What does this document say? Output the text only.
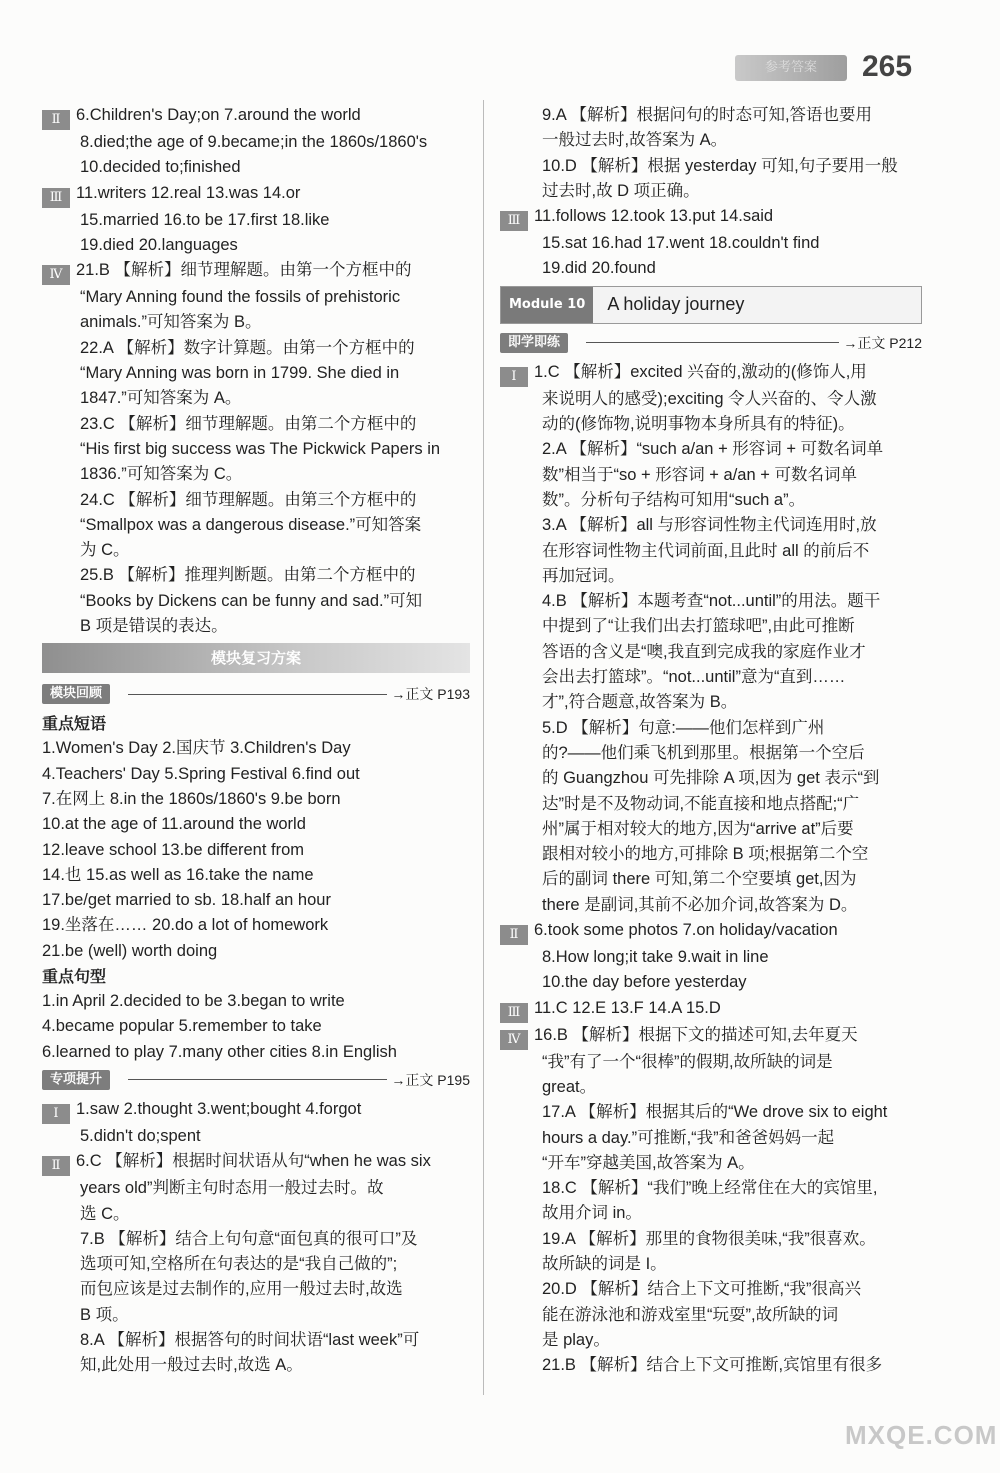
参考答案	265
Ⅱ 6.Children's Day;on 7.around the world
8.died;the age of 9.became;in the 1860s/1860's
10.decided to;finished
Ⅲ 11.writers 12.real 13.was 14.or
15.married 16.to be 17.first 18.like
19.died 20.languages
Ⅳ 21.B 【解析】细节理解题。由第一个方框中的
“Mary Anning found the fossils of prehistoric
animals.”可知答案为 B。
22.A 【解析】数字计算题。由第一个方框中的
“Mary Anning was born in 1799. She died in
1847.”可知答案为 A。
23.C 【解析】细节理解题。由第二个方框中的
“His first big success was The Pickwick Papers in
1836.”可知答案为 C。
24.C 【解析】细节理解题。由第三个方框中的
“Smallpox was a dangerous disease.”可知答案
为 C。
25.B 【解析】推理判断题。由第二个方框中的
“Books by Dickens can be funny and sad.”可知
B 项是错误的表达。
模块复习方案
模块回顾	→正文 P193
重点短语
1.Women's Day 2.国庆节 3.Children's Day
4.Teachers' Day 5.Spring Festival 6.find out
7.在网上 8.in the 1860s/1860's 9.be born
10.at the age of 11.around the world
12.leave school 13.be different from
14.也 15.as well as 16.take the name
17.be/get married to sb. 18.half an hour
19.坐落在…… 20.do a lot of homework
21.be (well) worth doing
重点句型
1.in April 2.decided to be 3.began to write
4.became popular 5.remember to take
6.learned to play 7.many other cities 8.in English
专项提升	→正文 P195
Ⅰ 1.saw 2.thought 3.went;bought 4.forgot
5.didn't do;spent
Ⅱ 6.C 【解析】根据时间状语从句“when he was six
years old”判断主句时态用一般过去时。故
选 C。
7.B 【解析】结合上句句意“面包真的很可口”及
选项可知,空格所在句表达的是“我自己做的”;
而包应该是过去制作的,应用一般过去时,故选
B 项。
8.A 【解析】根据答句的时间状语“last week”可
知,此处用一般过去时,故选 A。
9.A 【解析】根据问句的时态可知,答语也要用
一般过去时,故答案为 A。
10.D 【解析】根据 yesterday 可知,句子要用一般
过去时,故 D 项正确。
Ⅲ 11.follows 12.took 13.put 14.said
15.sat 16.had 17.went 18.couldn't find
19.did 20.found
Module 10	A holiday journey
即学即练	→正文 P212
Ⅰ 1.C 【解析】excited 兴奋的,激动的(修饰人,用
来说明人的感受);exciting 令人兴奋的、令人激
动的(修饰物,说明事物本身所具有的特征)。
2.A 【解析】“such a/an + 形容词 + 可数名词单
数”相当于“so + 形容词 + a/an + 可数名词单
数”。分析句子结构可知用“such a”。
3.A 【解析】all 与形容词性物主代词连用时,放
在形容词性物主代词前面,且此时 all 的前后不
再加冠词。
4.B 【解析】本题考查“not...until”的用法。题干
中提到了“让我们出去打篮球吧”,由此可推断
答语的含义是“噢,我直到完成我的家庭作业才
会出去打篮球”。“not...until”意为“直到……
才”,符合题意,故答案为 B。
5.D 【解析】句意:——他们怎样到广州
的?——他们乘飞机到那里。根据第一个空后
的 Guangzhou 可先排除 A 项,因为 get 表示“到
达”时是不及物动词,不能直接和地点搭配;“广
州”属于相对较大的地方,因为“arrive at”后要
跟相对较小的地方,可排除 B 项;根据第二个空
后的副词 there 可知,第二个空要填 get,因为
there 是副词,其前不必加介词,故答案为 D。
Ⅱ 6.took some photos 7.on holiday/vacation
8.How long;it take 9.wait in line
10.the day before yesterday
Ⅲ 11.C 12.E 13.F 14.A 15.D
Ⅳ 16.B 【解析】根据下文的描述可知,去年夏天
“我”有了一个“很棒”的假期,故所缺的词是
great。
17.A 【解析】根据其后的“We drove six to eight
hours a day.”可推断,“我”和爸爸妈妈一起
“开车”穿越美国,故答案为 A。
18.C 【解析】“我们”晚上经常住在大的宾馆里,
故用介词 in。
19.A 【解析】那里的食物很美味,“我”很喜欢。
故所缺的词是 I。
20.D 【解析】结合上下文可推断,“我”很高兴
能在游泳池和游戏室里“玩耍”,故所缺的词
是 play。
21.B 【解析】结合上下文可推断,宾馆里有很多
MXQE.COM
